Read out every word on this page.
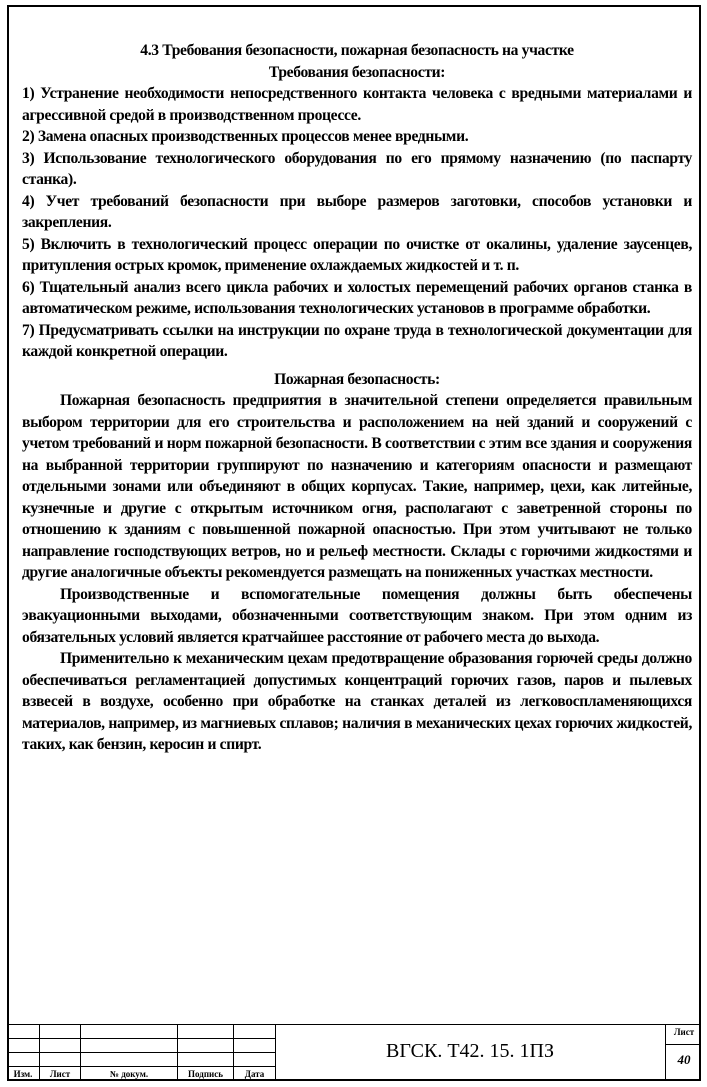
4.3 Требования безопасности, пожарная безопасность на участке

Требования безопасности:

1) Устранение необходимости непосредственного контакта человека с вредными материалами и агрессивной средой в производственном процессе.

2) Замена опасных производственных процессов менее вредными.

3) Использование технологического оборудования по его прямому назначению (по паспарту станка).

4) Учет требований безопасности при выборе размеров заготовки, способов установки и закрепления.

5) Включить в технологический процесс операции по очистке от окалины, удаление заусенцев, притупления острых кромок, применение охлаждаемых жидкостей и т. п.

6) Тщательный анализ всего цикла рабочих и холостых перемещений рабочих органов станка в автоматическом режиме, использования технологических установов в программе обработки.

7) Предусматривать ссылки на инструкции по охране труда в технологической документации для каждой конкретной операции.

Пожарная безопасность:

Пожарная безопасность предприятия в значительной степени определяется правильным выбором территории для его строительства и расположением на ней зданий и сооружений с учетом требований и норм пожарной безопасности. В соответствии с этим все здания и сооружения на выбранной территории группируют по назначению и категориям опасности и размещают отдельными зонами или объединяют в общих корпусах. Такие, например, цехи, как литейные, кузнечные и другие с открытым источником огня, располагают с заветренной стороны по отношению к зданиям с повышенной пожарной опасностью. При этом учитывают не только направление господствующих ветров, но и рельеф местности. Склады с горючими жидкостями и другие аналогичные объекты рекомендуется размещать на пониженных участках местности.

Производственные и вспомогательные помещения должны быть обеспечены эвакуационными выходами, обозначенными соответствующим знаком. При этом одним из обязательных условий является кратчайшее расстояние от рабочего места до выхода.

Применительно к механическим цехам предотвращение образования горючей среды должно обеспечиваться регламентацией допустимых концентраций горючих газов, паров и пылевых взвесей в воздухе, особенно при обработке на станках деталей из легковоспламеняющихся материалов, например, из магниевых сплавов; наличия в механических цехах горючих жидкостей, таких, как бензин, керосин и спирт.

Изм.	Лист	№ докум.	Подпись	Дата
ВГСК. Т42. 15. 1ПЗ
Лист
40
